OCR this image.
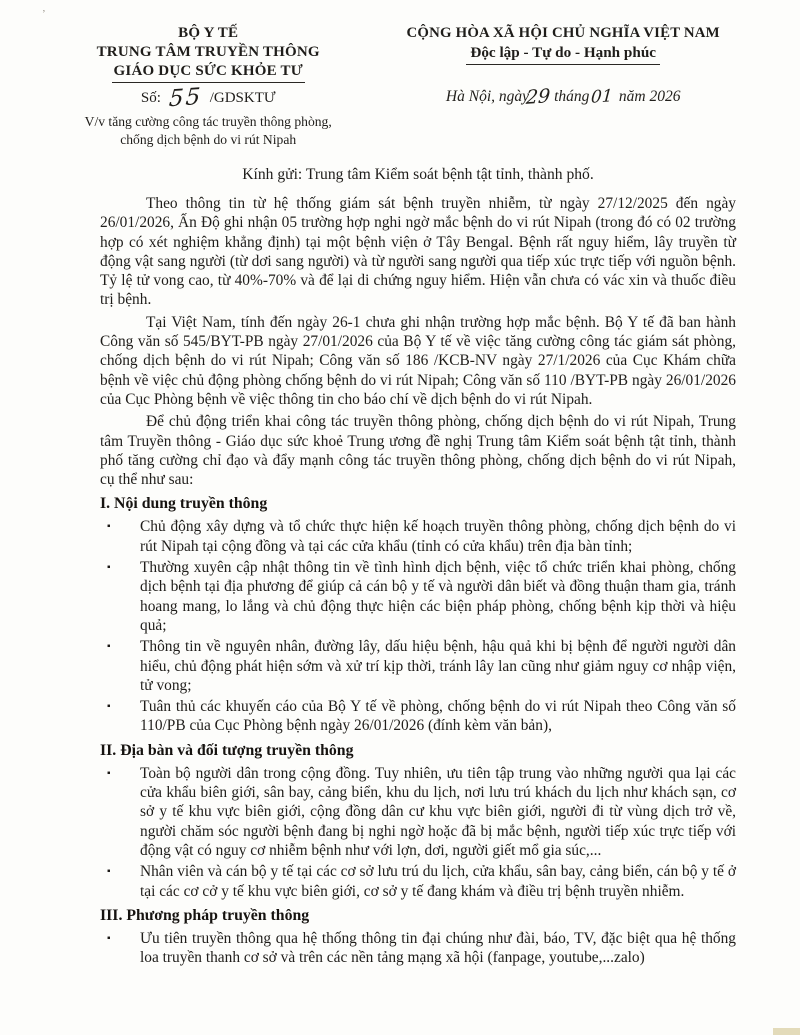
’
BỘ Y TẾ
TRUNG TÂM TRUYỀN THÔNG
GIÁO DỤC SỨC KHỎE TƯ
Số: 55 /GDSKTƯ
V/v tăng cường công tác truyền thông phòng,
chống dịch bệnh do vi rút Nipah
CỘNG HÒA XÃ HỘI CHỦ NGHĨA VIỆT NAM
Độc lập - Tự do - Hạnh phúc
Hà Nội, ngày29 tháng01 năm 2026
Kính gửi: Trung tâm Kiểm soát bệnh tật tỉnh, thành phố.

Theo thông tin từ hệ thống giám sát bệnh truyền nhiễm, từ ngày 27/12/2025 đến ngày 26/01/2026, Ấn Độ ghi nhận 05 trường hợp nghi ngờ mắc bệnh do vi rút Nipah (trong đó có 02 trường hợp có xét nghiệm khẳng định) tại một bệnh viện ở Tây Bengal. Bệnh rất nguy hiểm, lây truyền từ động vật sang người (từ dơi sang người) và từ người sang người qua tiếp xúc trực tiếp với nguồn bệnh. Tỷ lệ tử vong cao, từ 40%-70% và để lại di chứng nguy hiểm. Hiện vẫn chưa có vác xin và thuốc điều trị bệnh.

Tại Việt Nam, tính đến ngày 26-1 chưa ghi nhận trường hợp mắc bệnh. Bộ Y tế đã ban hành Công văn số 545/BYT-PB ngày 27/01/2026 của Bộ Y tế về việc tăng cường công tác giám sát phòng, chống dịch bệnh do vi rút Nipah; Công văn số 186 /KCB-NV ngày 27/1/2026 của Cục Khám chữa bệnh về việc chủ động phòng chống bệnh do vi rút Nipah; Công văn số 110 /BYT-PB ngày 26/01/2026 của Cục Phòng bệnh về việc thông tin cho báo chí về dịch bệnh do vi rút Nipah.

Để chủ động triển khai công tác truyền thông phòng, chống dịch bệnh do vi rút Nipah, Trung tâm Truyền thông - Giáo dục sức khoẻ Trung ương đề nghị Trung tâm Kiểm soát bệnh tật tỉnh, thành phố tăng cường chỉ đạo và đẩy mạnh công tác truyền thông phòng, chống dịch bệnh do vi rút Nipah, cụ thể như sau:

I. Nội dung truyền thông
▪	Chủ động xây dựng và tổ chức thực hiện kế hoạch truyền thông phòng, chống dịch bệnh do vi rút Nipah tại cộng đồng và tại các cửa khẩu (tỉnh có cửa khẩu) trên địa bàn tỉnh;
▪	Thường xuyên cập nhật thông tin về tình hình dịch bệnh, việc tổ chức triển khai phòng, chống dịch bệnh tại địa phương để giúp cả cán bộ y tế và người dân biết và đồng thuận tham gia, tránh hoang mang, lo lắng và chủ động thực hiện các biện pháp phòng, chống bệnh kịp thời và hiệu quả;
▪	Thông tin về nguyên nhân, đường lây, dấu hiệu bệnh, hậu quả khi bị bệnh để người người dân hiểu, chủ động phát hiện sớm và xử trí kịp thời, tránh lây lan cũng như giảm nguy cơ nhập viện, tử vong;
▪	Tuân thủ các khuyến cáo của Bộ Y tế về phòng, chống bệnh do vi rút Nipah theo Công văn số 110/PB của Cục Phòng bệnh ngày 26/01/2026 (đính kèm văn bản),
II. Địa bàn và đối tượng truyền thông
▪	Toàn bộ người dân trong cộng đồng. Tuy nhiên, ưu tiên tập trung vào những người qua lại các cửa khẩu biên giới, sân bay, cảng biển, khu du lịch, nơi lưu trú khách du lịch như khách sạn, cơ sở y tế khu vực biên giới, cộng đồng dân cư khu vực biên giới, người đi từ vùng dịch trở về, người chăm sóc người bệnh đang bị nghi ngờ hoặc đã bị mắc bệnh, người tiếp xúc trực tiếp với động vật có nguy cơ nhiễm bệnh như với lợn, dơi, người giết mổ gia súc,...
▪	Nhân viên và cán bộ y tế tại các cơ sở lưu trú du lịch, cửa khẩu, sân bay, cảng biển, cán bộ y tế ở tại các cơ cở y tế khu vực biên giới, cơ sở y tế đang khám và điều trị bệnh truyền nhiễm.
III. Phương pháp truyền thông
▪	Ưu tiên truyền thông qua hệ thống thông tin đại chúng như đài, báo, TV, đặc biệt qua hệ thống loa truyền thanh cơ sở và trên các nền tảng mạng xã hội (fanpage, youtube,...zalo)
